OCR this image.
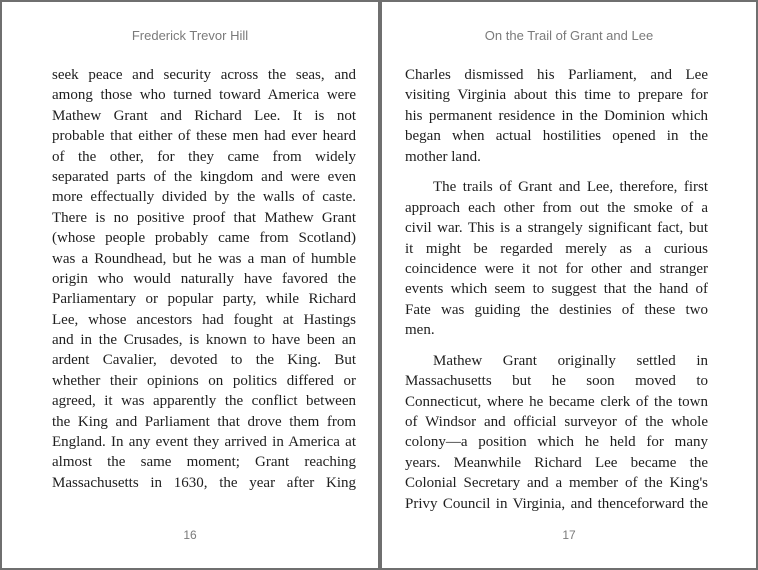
Frederick Trevor Hill
seek peace and security across the seas, and
among those who turned toward America were
Mathew Grant and Richard Lee. It is not
probable that either of these men had ever heard
of the other, for they came from widely
separated parts of the kingdom and were even
more effectually divided by the walls of caste.
There is no positive proof that Mathew Grant
(whose people probably came from Scotland)
was a Roundhead, but he was a man of humble
origin who would naturally have favored the
Parliamentary or popular party, while Richard
Lee, whose ancestors had fought at Hastings
and in the Crusades, is known to have been an
ardent Cavalier, devoted to the King. But
whether their opinions on politics differed or
agreed, it was apparently the conflict between
the King and Parliament that drove them from
England. In any event they arrived in America at
almost the same moment; Grant reaching
Massachusetts in 1630, the year after King
16
On the Trail of Grant and Lee
Charles dismissed his Parliament, and Lee
visiting Virginia about this time to prepare for
his permanent residence in the Dominion which
began when actual hostilities opened in the
mother land.
The trails of Grant and Lee, therefore, first
approach each other from out the smoke of a
civil war. This is a strangely significant fact, but
it might be regarded merely as a curious
coincidence were it not for other and stranger
events which seem to suggest that the hand of
Fate was guiding the destinies of these two
men.
Mathew Grant originally settled in
Massachusetts but he soon moved to
Connecticut, where he became clerk of the town
of Windsor and official surveyor of the whole
colony—a position which he held for many
years. Meanwhile Richard Lee became the
Colonial Secretary and a member of the King's
Privy Council in Virginia, and thenceforward the
17
